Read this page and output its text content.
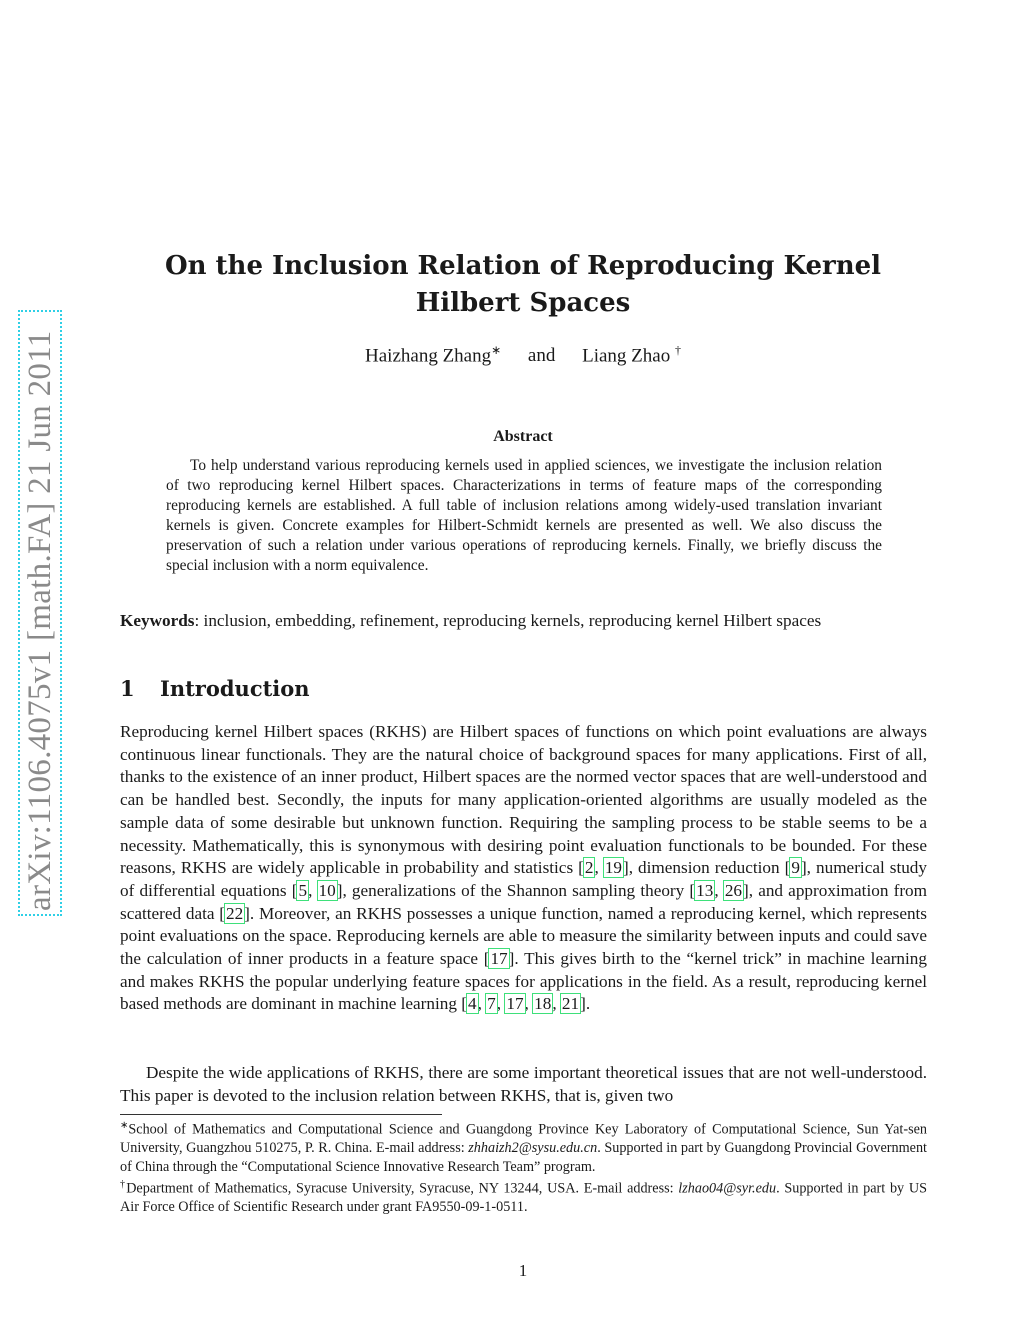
arXiv:1106.4075v1 [math.FA] 21 Jun 2011
On the Inclusion Relation of Reproducing Kernel
Hilbert Spaces
Haizhang Zhang∗ and Liang Zhao †
Abstract

To help understand various reproducing kernels used in applied sciences, we investigate the inclusion relation of two reproducing kernel Hilbert spaces. Characterizations in terms of feature maps of the corresponding reproducing kernels are established. A full table of inclusion relations among widely-used translation invariant kernels is given. Concrete examples for Hilbert-Schmidt kernels are presented as well. We also discuss the preservation of such a relation under various operations of reproducing kernels. Finally, we briefly discuss the special inclusion with a norm equivalence.

Keywords: inclusion, embedding, refinement, reproducing kernels, reproducing kernel Hilbert spaces
1 Introduction

Reproducing kernel Hilbert spaces (RKHS) are Hilbert spaces of functions on which point evaluations are always continuous linear functionals. They are the natural choice of background spaces for many applications. First of all, thanks to the existence of an inner product, Hilbert spaces are the normed vector spaces that are well-understood and can be handled best. Secondly, the inputs for many application-oriented algorithms are usually modeled as the sample data of some desirable but unknown function. Requiring the sampling process to be stable seems to be a necessity. Mathematically, this is synonymous with desiring point evaluation functionals to be bounded. For these reasons, RKHS are widely applicable in probability and statistics [2, 19], dimension reduction [9], numerical study of differential equations [5, 10], generalizations of the Shannon sampling theory [13, 26], and approximation from scattered data [22]. Moreover, an RKHS possesses a unique function, named a reproducing kernel, which represents point evaluations on the space. Reproducing kernels are able to measure the similarity between inputs and could save the calculation of inner products in a feature space [17]. This gives birth to the “kernel trick” in machine learning and makes RKHS the popular underlying feature spaces for applications in the field. As a result, reproducing kernel based methods are dominant in machine learning [4, 7, 17, 18, 21].

Despite the wide applications of RKHS, there are some important theoretical issues that are not well-understood. This paper is devoted to the inclusion relation between RKHS, that is, given two

∗School of Mathematics and Computational Science and Guangdong Province Key Laboratory of Computational Science, Sun Yat-sen University, Guangzhou 510275, P. R. China. E-mail address: zhhaizh2@sysu.edu.cn. Supported in part by Guangdong Provincial Government of China through the “Computational Science Innovative Research Team” program.

†Department of Mathematics, Syracuse University, Syracuse, NY 13244, USA. E-mail address: lzhao04@syr.edu. Supported in part by US Air Force Office of Scientific Research under grant FA9550-09-1-0511.

1
